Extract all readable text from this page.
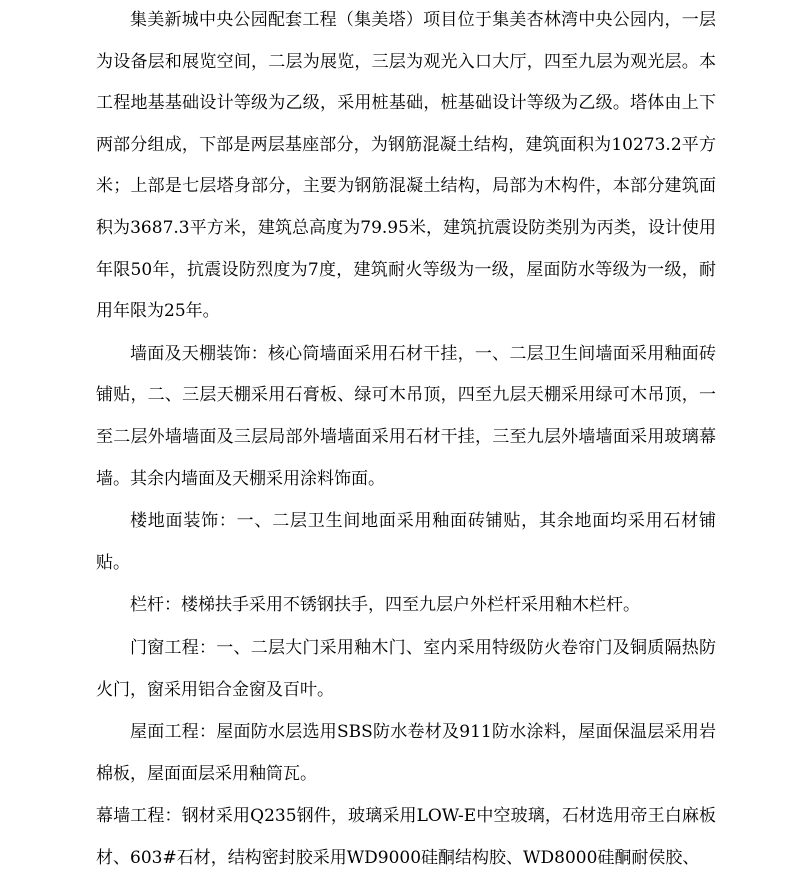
集美新城中央公园配套工程（集美塔）项目位于集美杏林湾中央公园内，一层为设备层和展览空间，二层为展览，三层为观光入口大厅，四至九层为观光层。本工程地基基础设计等级为乙级，采用桩基础，桩基础设计等级为乙级。塔体由上下两部分组成，下部是两层基座部分，为钢筋混凝土结构，建筑面积为10273.2平方米；上部是七层塔身部分，主要为钢筋混凝土结构，局部为木构件，本部分建筑面积为3687.3平方米，建筑总高度为79.95米，建筑抗震设防类别为丙类，设计使用年限50年，抗震设防烈度为7度，建筑耐火等级为一级，屋面防水等级为一级，耐用年限为25年。

墙面及天棚装饰：核心筒墙面采用石材干挂，一、二层卫生间墙面采用釉面砖铺贴，二、三层天棚采用石膏板、绿可木吊顶，四至九层天棚采用绿可木吊顶，一至二层外墙墙面及三层局部外墙墙面采用石材干挂，三至九层外墙墙面采用玻璃幕墙。其余内墙面及天棚采用涂料饰面。

楼地面装饰：一、二层卫生间地面采用釉面砖铺贴，其余地面均采用石材铺贴。

栏杆：楼梯扶手采用不锈钢扶手，四至九层户外栏杆采用釉木栏杆。

门窗工程：一、二层大门采用釉木门、室内采用特级防火卷帘门及铜质隔热防火门，窗采用铝合金窗及百叶。

屋面工程：屋面防水层选用SBS防水卷材及911防水涂料，屋面保温层采用岩棉板，屋面面层采用釉筒瓦。

幕墙工程：钢材采用Q235钢件，玻璃采用LOW-E中空玻璃，石材选用帝王白麻板材、603#石材，结构密封胶采用WD9000硅酮结构胶、WD8000硅酮耐侯胶、
